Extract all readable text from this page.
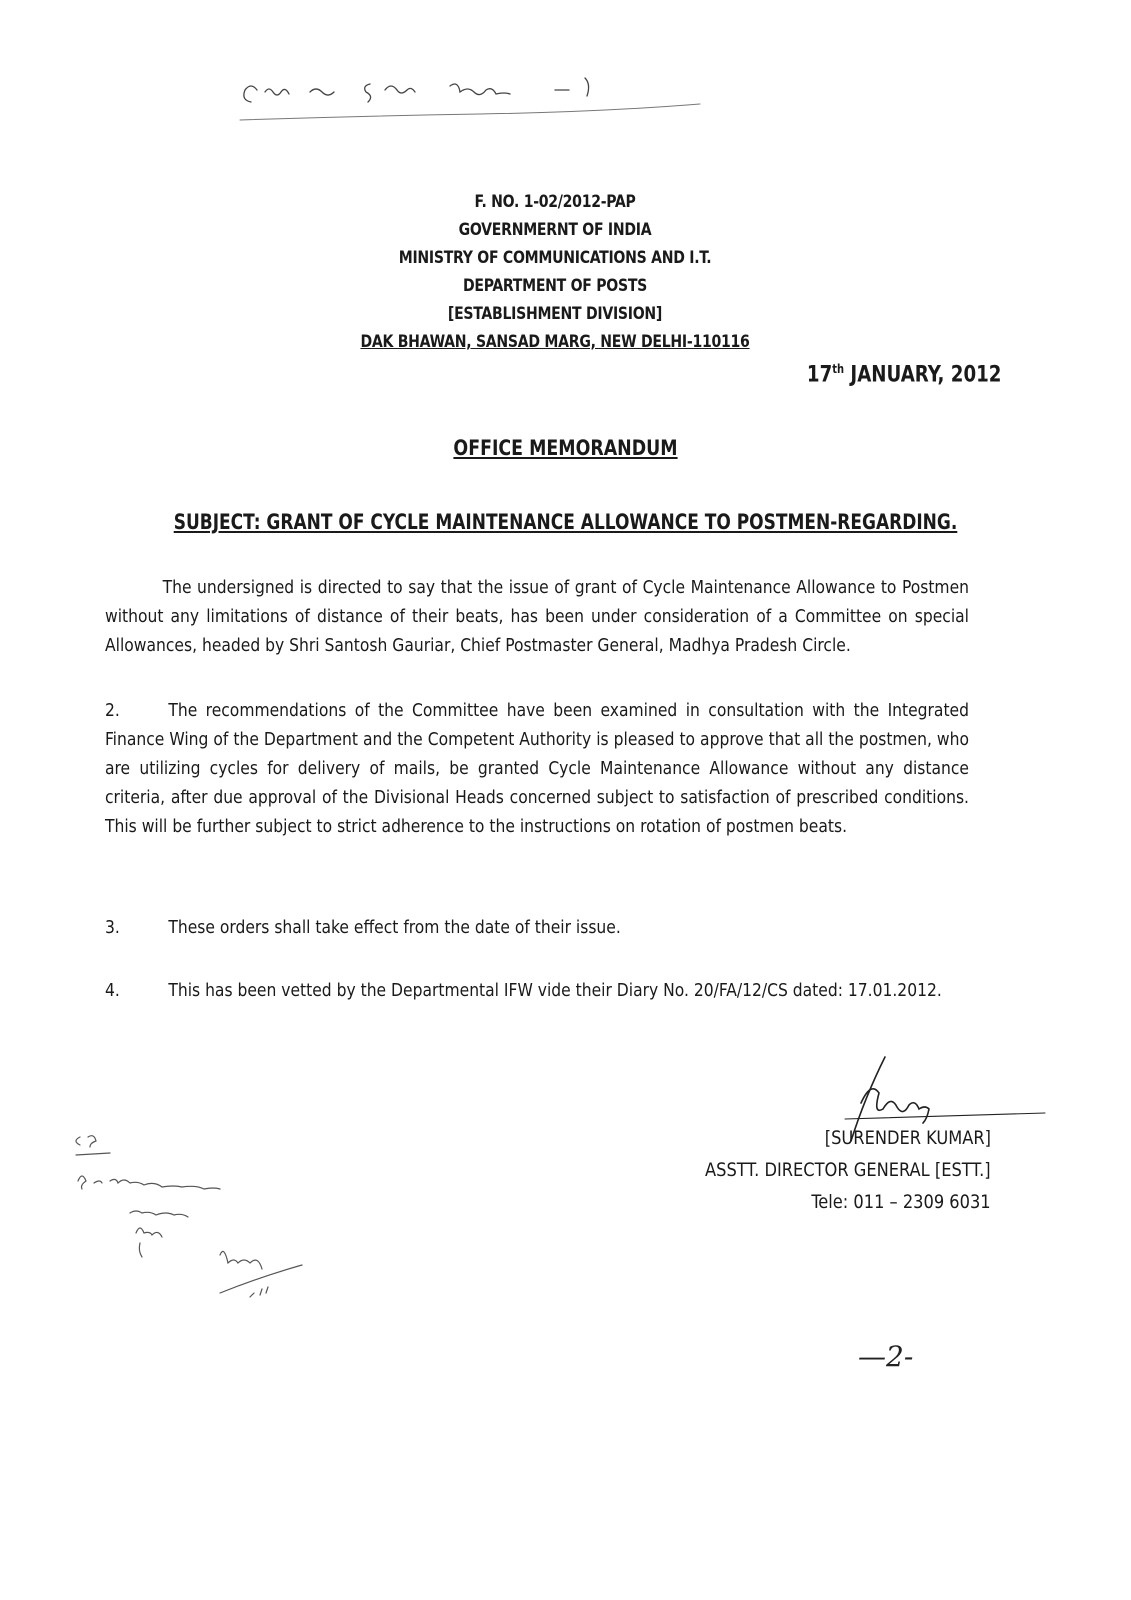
F. NO. 1-02/2012-PAP
GOVERNMERNT OF INDIA
MINISTRY OF COMMUNICATIONS AND I.T.
DEPARTMENT OF POSTS
[ESTABLISHMENT DIVISION]
DAK BHAWAN, SANSAD MARG, NEW DELHI-110116
17th JANUARY, 2012
OFFICE MEMORANDUM
SUBJECT: GRANT OF CYCLE MAINTENANCE ALLOWANCE TO POSTMEN-REGARDING.
The undersigned is directed to say that the issue of grant of Cycle Maintenance Allowance to Postmen without any limitations of distance of their beats, has been under consideration of a Committee on special Allowances, headed by Shri Santosh Gauriar, Chief Postmaster General, Madhya Pradesh Circle.
2.	The recommendations of the Committee have been examined in consultation with the Integrated Finance Wing of the Department and the Competent Authority is pleased to approve that all the postmen, who are utilizing cycles for delivery of mails, be granted Cycle Maintenance Allowance without any distance criteria, after due approval of the Divisional Heads concerned subject to satisfaction of prescribed conditions. This will be further subject to strict adherence to the instructions on rotation of postmen beats.
3.	These orders shall take effect from the date of their issue.
4.	This has been vetted by the Departmental IFW vide their Diary No. 20/FA/12/CS dated: 17.01.2012.
[SURENDER KUMAR]
ASSTT. DIRECTOR GENERAL [ESTT.]
Tele: 011 – 2309 6031
—2-
